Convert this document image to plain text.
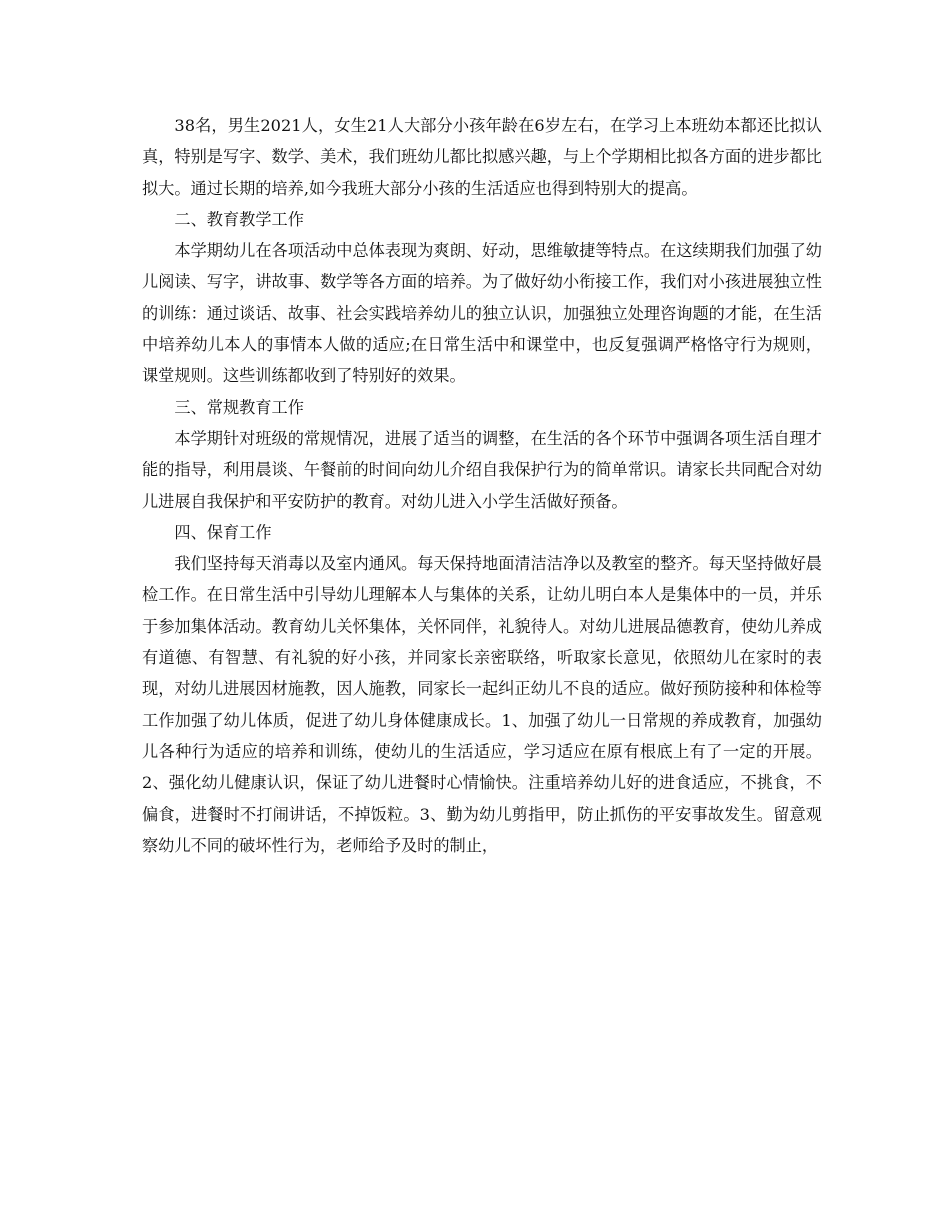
38名，男生2021人，女生21人大部分小孩年龄在6岁左右，在学习上本班幼本都还比拟认真，特别是写字、数学、美术，我们班幼儿都比拟感兴趣，与上个学期相比拟各方面的进步都比拟大。通过长期的培养,如今我班大部分小孩的生活适应也得到特别大的提高。

二、教育教学工作

本学期幼儿在各项活动中总体表现为爽朗、好动，思维敏捷等特点。在这续期我们加强了幼儿阅读、写字，讲故事、数学等各方面的培养。为了做好幼小衔接工作，我们对小孩进展独立性的训练：通过谈话、故事、社会实践培养幼儿的独立认识，加强独立处理咨询题的才能，在生活中培养幼儿本人的事情本人做的适应;在日常生活中和课堂中，也反复强调严格恪守行为规则，课堂规则。这些训练都收到了特别好的效果。

三、常规教育工作

本学期针对班级的常规情况，进展了适当的调整，在生活的各个环节中强调各项生活自理才能的指导，利用晨谈、午餐前的时间向幼儿介绍自我保护行为的简单常识。请家长共同配合对幼儿进展自我保护和平安防护的教育。对幼儿进入小学生活做好预备。

四、保育工作

我们坚持每天消毒以及室内通风。每天保持地面清洁洁净以及教室的整齐。每天坚持做好晨检工作。在日常生活中引导幼儿理解本人与集体的关系，让幼儿明白本人是集体中的一员，并乐于参加集体活动。教育幼儿关怀集体，关怀同伴，礼貌待人。对幼儿进展品德教育，使幼儿养成有道德、有智慧、有礼貌的好小孩，并同家长亲密联络，听取家长意见，依照幼儿在家时的表现，对幼儿进展因材施教，因人施教，同家长一起纠正幼儿不良的适应。做好预防接种和体检等工作加强了幼儿体质，促进了幼儿身体健康成长。1、加强了幼儿一日常规的养成教育，加强幼儿各种行为适应的培养和训练，使幼儿的生活适应，学习适应在原有根底上有了一定的开展。2、强化幼儿健康认识，保证了幼儿进餐时心情愉快。注重培养幼儿好的进食适应，不挑食，不偏食，进餐时不打闹讲话，不掉饭粒。3、勤为幼儿剪指甲，防止抓伤的平安事故发生。留意观察幼儿不同的破坏性行为，老师给予及时的制止，
